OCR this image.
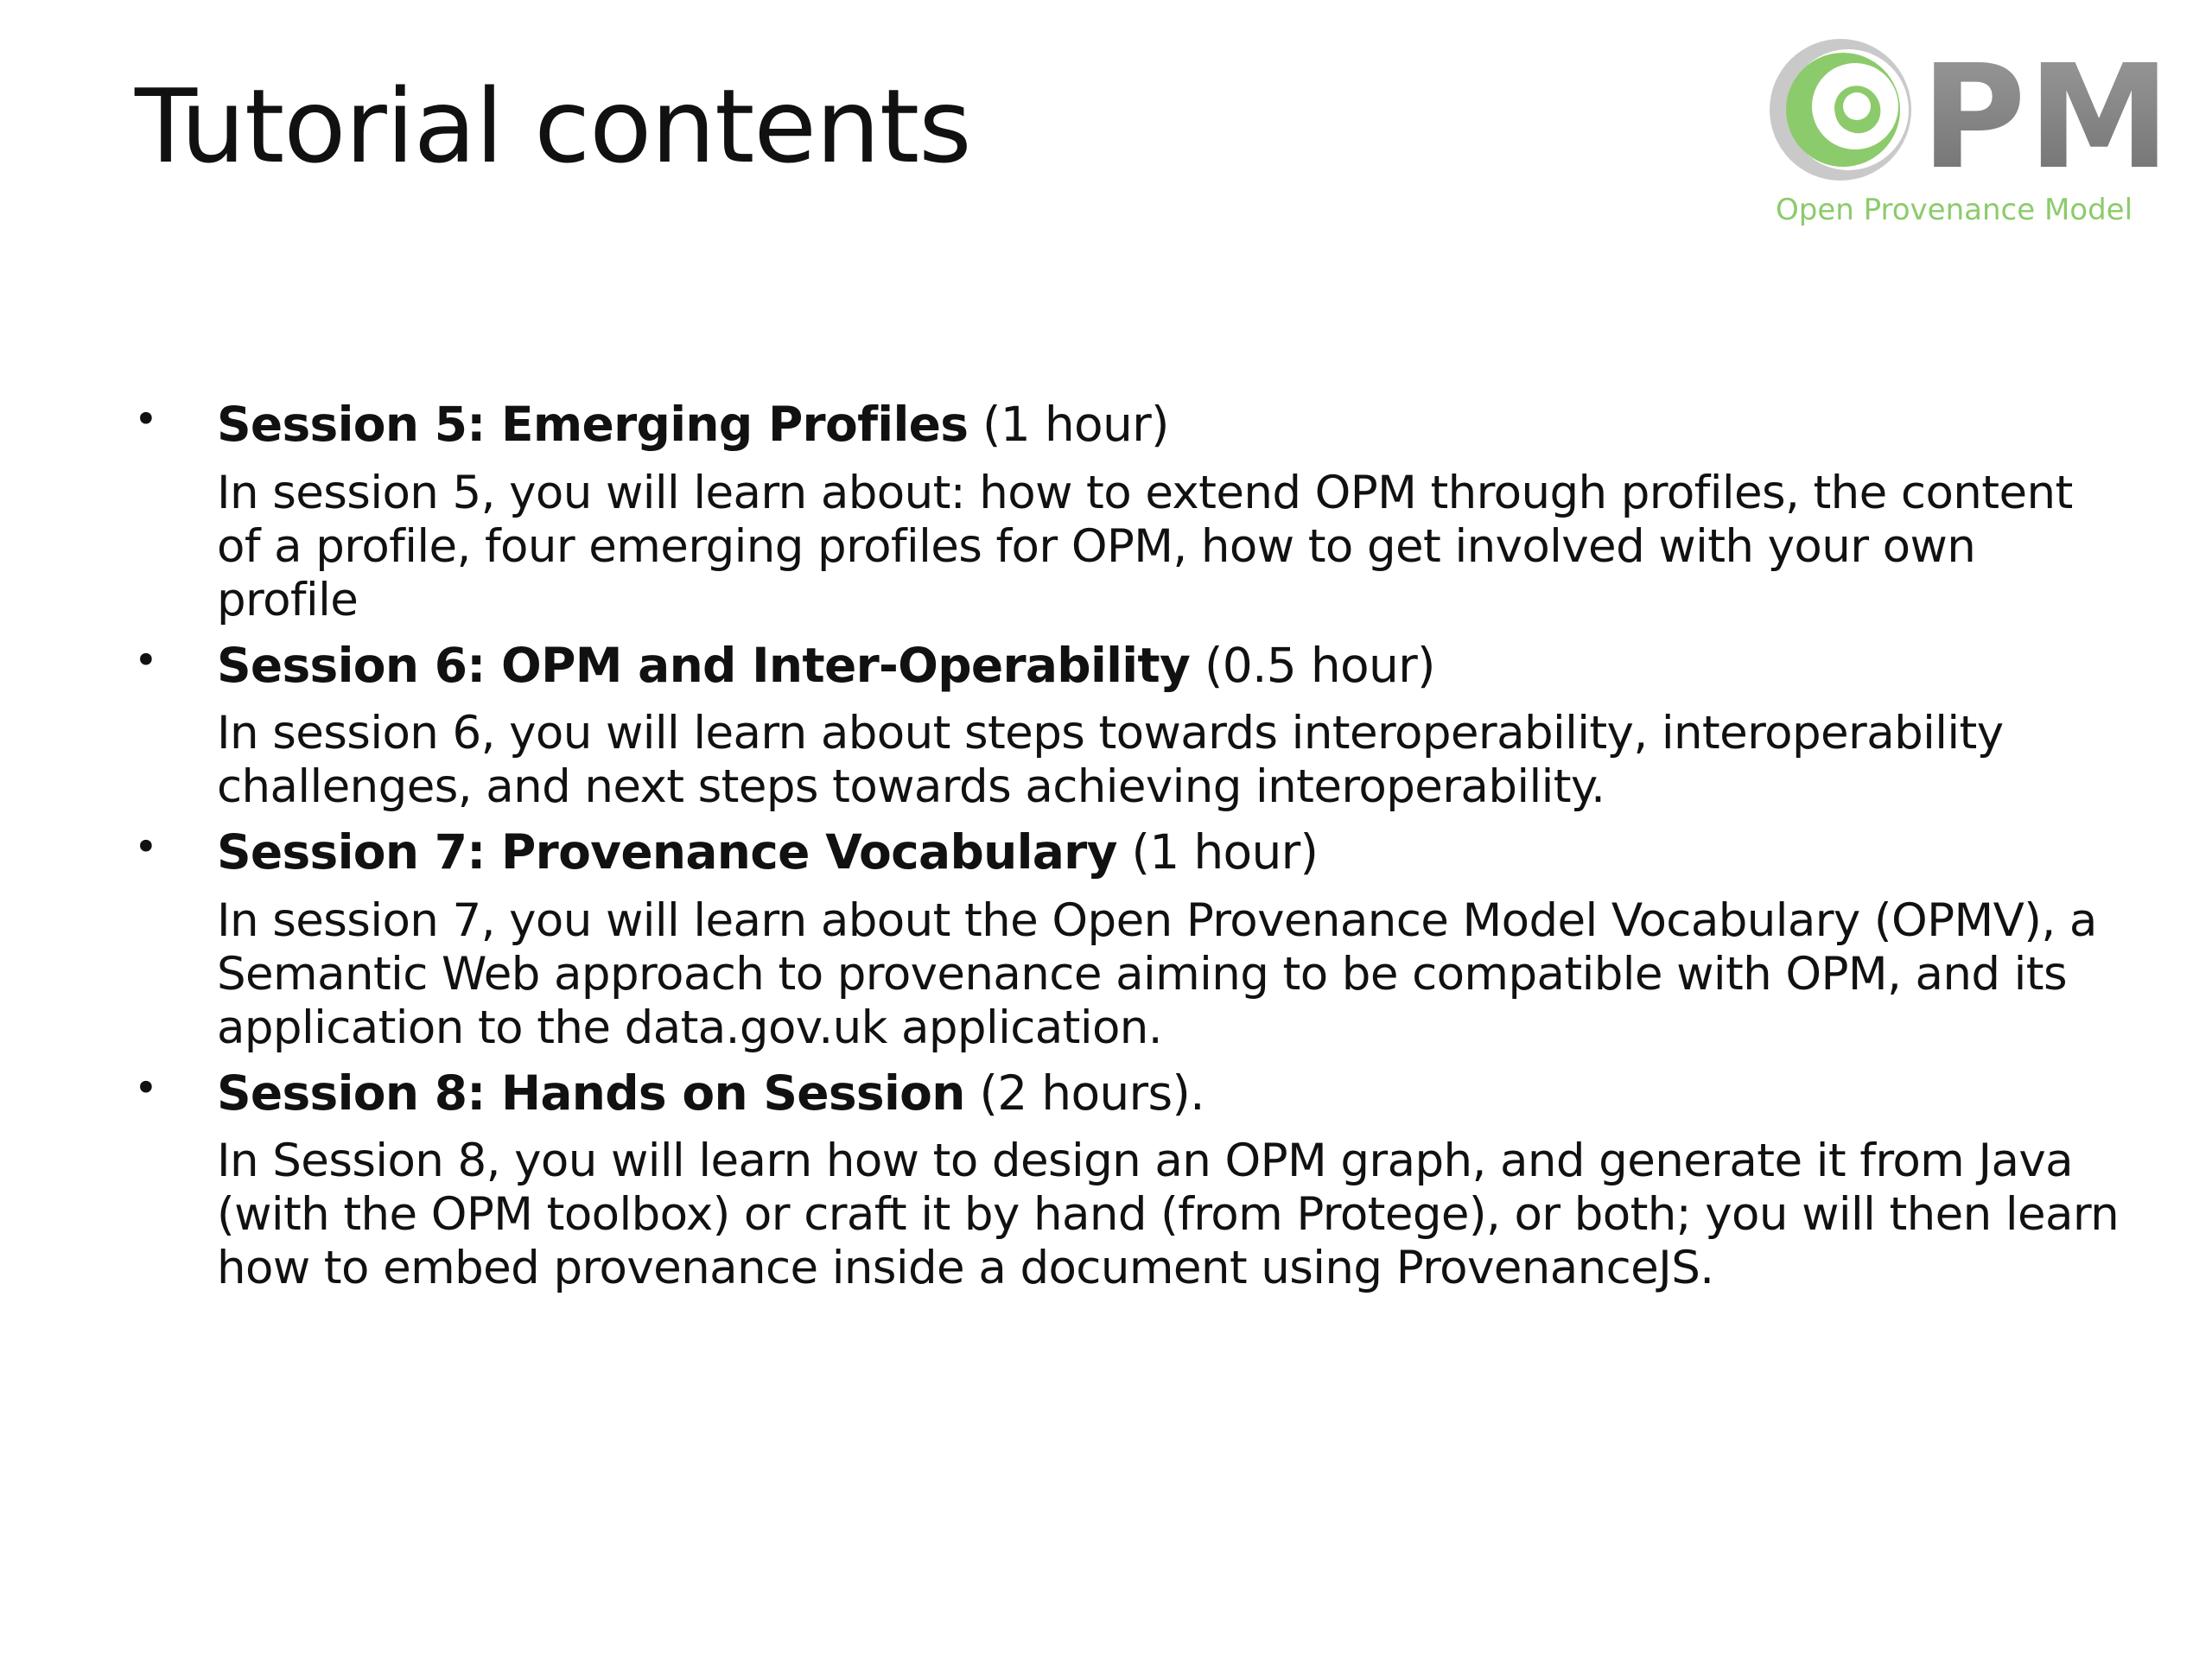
Tutorial contents	PM
Open Provenance Model
• Session 5: Emerging Profiles (1 hour)

In session 5, you will learn about: how to extend OPM through profiles, the content of a profile, four emerging profiles for OPM, how to get involved with your own profile

• Session 6: OPM and Inter-Operability (0.5 hour)

In session 6, you will learn about steps towards interoperability, interoperability challenges, and next steps towards achieving interoperability.

• Session 7: Provenance Vocabulary (1 hour)

In session 7, you will learn about the Open Provenance Model Vocabulary (OPMV), a Semantic Web approach to provenance aiming to be compatible with OPM, and its application to the data.gov.uk application.

• Session 8: Hands on Session (2 hours).

In Session 8, you will learn how to design an OPM graph, and generate it from Java (with the OPM toolbox) or craft it by hand (from Protege), or both; you will then learn how to embed provenance inside a document using ProvenanceJS.
